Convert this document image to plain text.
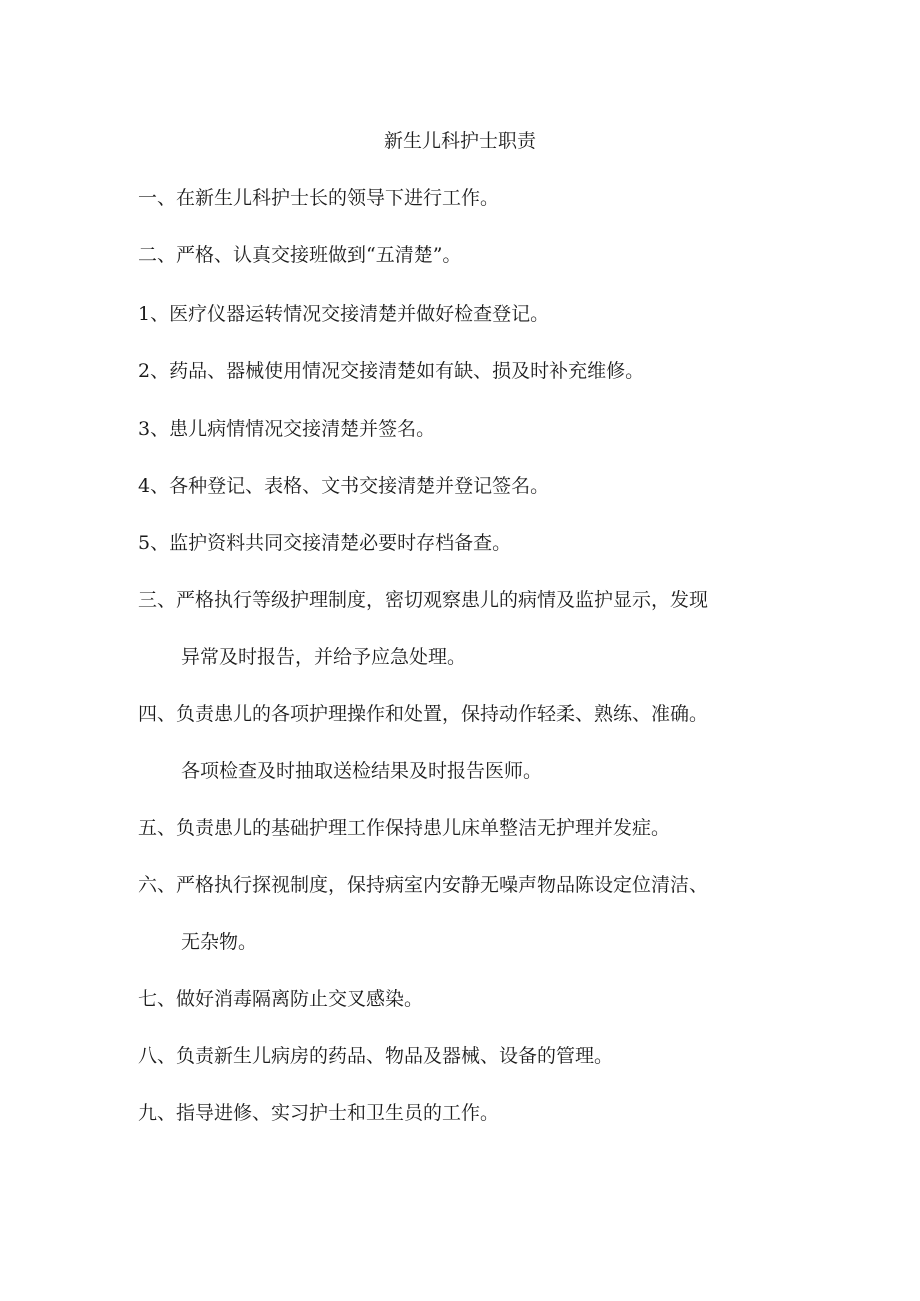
新生儿科护士职责
一、在新生儿科护士长的领导下进行工作。
二、严格、认真交接班做到“五清楚”。
1、医疗仪器运转情况交接清楚并做好检查登记。
2、药品、器械使用情况交接清楚如有缺、损及时补充维修。
3、患儿病情情况交接清楚并签名。
4、各种登记、表格、文书交接清楚并登记签名。
5、监护资料共同交接清楚必要时存档备查。
三、严格执行等级护理制度，密切观察患儿的病情及监护显示，发现
异常及时报告，并给予应急处理。
四、负责患儿的各项护理操作和处置，保持动作轻柔、熟练、准确。
各项检查及时抽取送检结果及时报告医师。
五、负责患儿的基础护理工作保持患儿床单整洁无护理并发症。
六、严格执行探视制度，保持病室内安静无噪声物品陈设定位清洁、
无杂物。
七、做好消毒隔离防止交叉感染。
八、负责新生儿病房的药品、物品及器械、设备的管理。
九、指导进修、实习护士和卫生员的工作。
